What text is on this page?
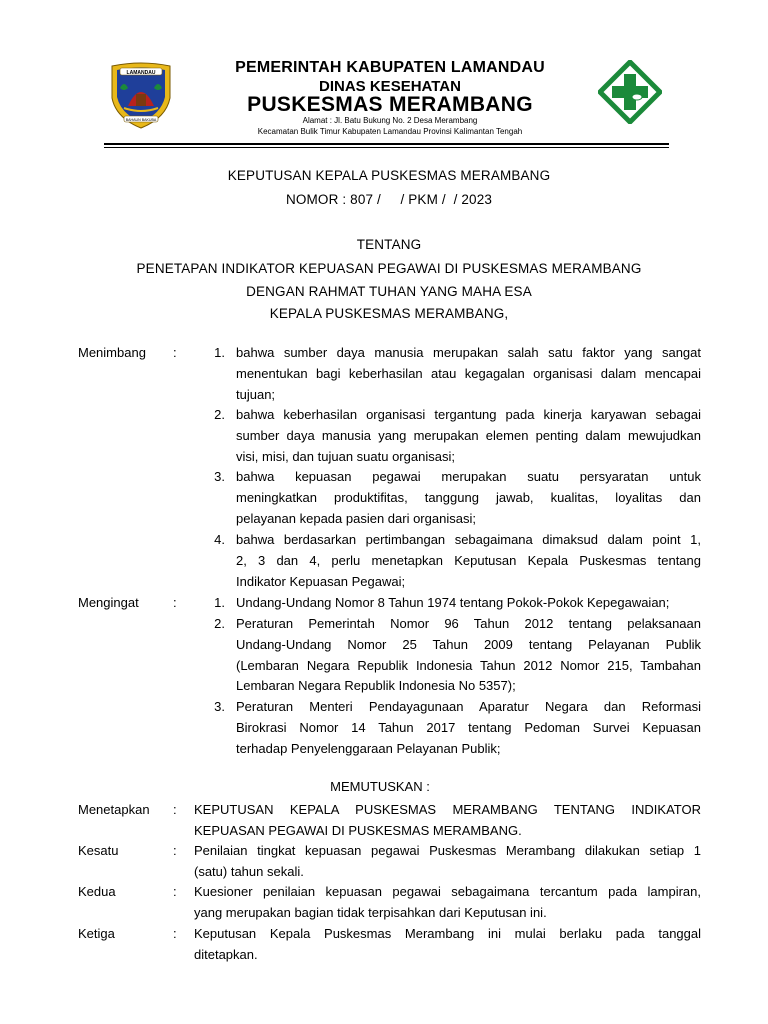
LAMANDAU
BAHAUN BAKUBA
PEMERINTAH KABUPATEN LAMANDAU
DINAS KESEHATAN
PUSKESMAS MERAMBANG
Alamat : Jl. Batu Bukung No. 2 Desa Merambang
Kecamatan Bulik Timur Kabupaten Lamandau Provinsi Kalimantan Tengah
KEPUTUSAN KEPALA PUSKESMAS MERAMBANG
NOMOR : 807 /     / PKM /  / 2023
TENTANG
PENETAPAN INDIKATOR KEPUASAN PEGAWAI DI PUSKESMAS MERAMBANG
DENGAN RAHMAT TUHAN YANG MAHA ESA
KEPALA PUSKESMAS MERAMBANG,
Menimbang :	1. bahwa sumber daya manusia merupakan salah satu faktor yang sangat
menentukan bagi keberhasilan atau kegagalan organisasi dalam mencapai
tujuan;
2. bahwa keberhasilan organisasi tergantung pada kinerja karyawan sebagai
sumber daya manusia yang merupakan elemen penting dalam mewujudkan
visi, misi, dan tujuan suatu organisasi;
3. bahwa kepuasan pegawai merupakan suatu persyaratan untuk
meningkatkan produktifitas, tanggung jawab, kualitas, loyalitas dan
pelayanan kepada pasien dari organisasi;
4. bahwa berdasarkan pertimbangan sebagaimana dimaksud dalam point 1,
2, 3 dan 4, perlu menetapkan Keputusan Kepala Puskesmas tentang
Indikator Kepuasan Pegawai;
Mengingat	:	1. Undang-Undang Nomor 8 Tahun 1974 tentang Pokok-Pokok Kepegawaian;
2. Peraturan Pemerintah Nomor 96 Tahun 2012 tentang pelaksanaan
Undang-Undang Nomor 25 Tahun 2009 tentang Pelayanan Publik
(Lembaran Negara Republik Indonesia Tahun 2012 Nomor 215, Tambahan
Lembaran Negara Republik Indonesia No 5357);
3. Peraturan Menteri Pendayagunaan Aparatur Negara dan Reformasi
Birokrasi Nomor 14 Tahun 2017 tentang Pedoman Survei Kepuasan
terhadap Penyelenggaraan Pelayanan Publik;
MEMUTUSKAN :
Menetapkan : KEPUTUSAN KEPALA PUSKESMAS MERAMBANG TENTANG INDIKATOR
KEPUASAN PEGAWAI DI PUSKESMAS MERAMBANG.
Kesatu	: Penilaian tingkat kepuasan pegawai Puskesmas Merambang dilakukan setiap 1
(satu) tahun sekali.
Kedua	: Kuesioner penilaian kepuasan pegawai sebagaimana tercantum pada lampiran,
yang merupakan bagian tidak terpisahkan dari Keputusan ini.
Ketiga	: Keputusan Kepala Puskesmas Merambang ini mulai berlaku pada tanggal
ditetapkan.
